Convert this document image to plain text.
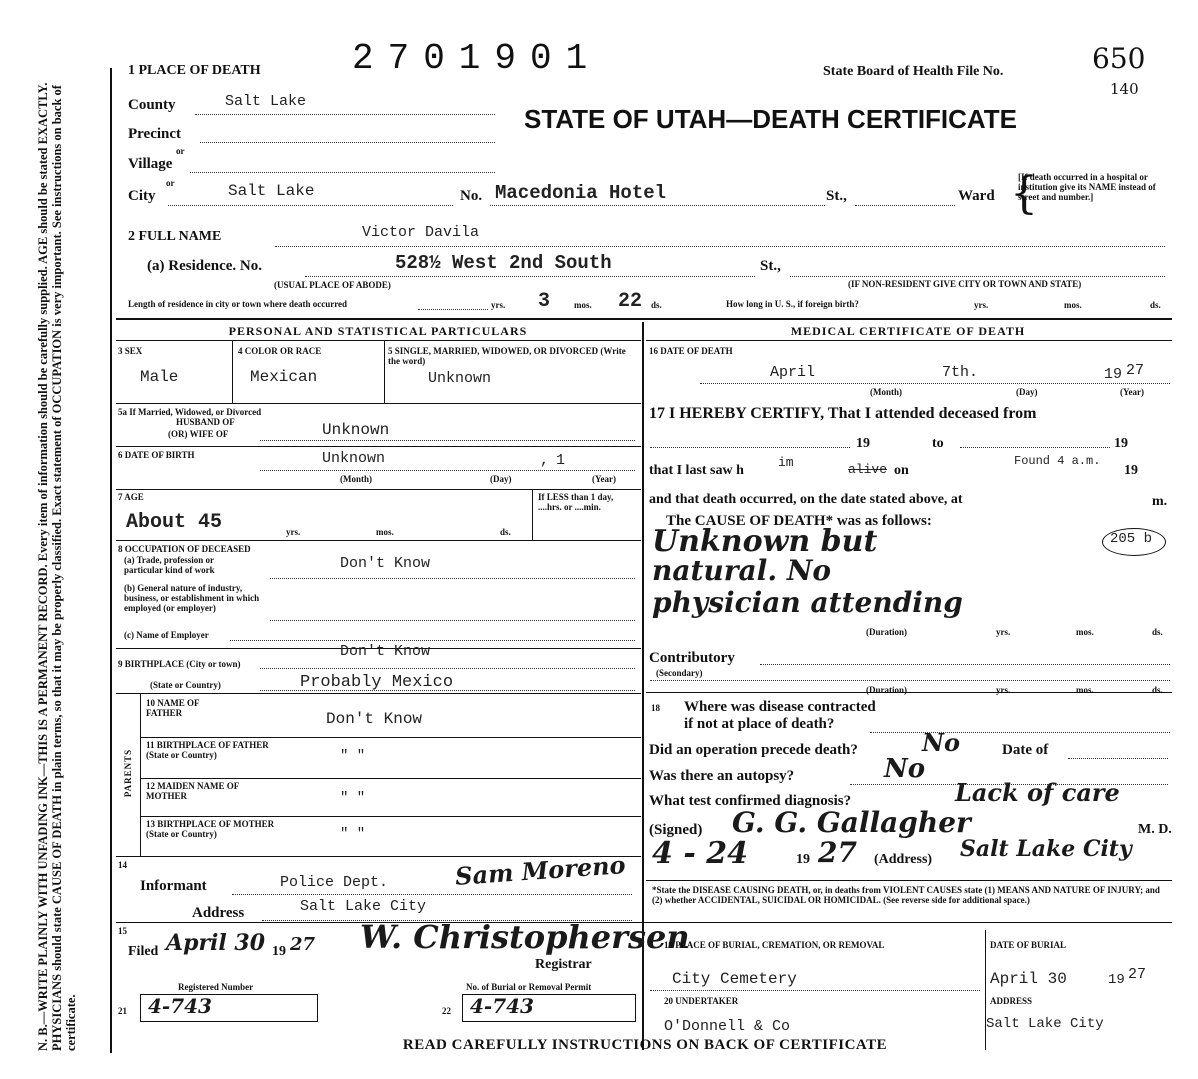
N. B.—WRITE PLAINLY WITH UNFADING INK—THIS IS A PERMANENT RECORD. Every item of information should be carefully supplied. AGE should be stated EXACTLY. PHYSICIANS should state CAUSE OF DEATH in plain terms, so that it may be properly classified. Exact statement of OCCUPATION is very important. See instructions on back of certificate.
1 PLACE OF DEATH	2701901	State Board of Health File No.	650
140
STATE OF UTAH—DEATH CERTIFICATE
County	Salt Lake
Precinct
or
Village
or
City	Salt Lake	No. Macedonia Hotel	St.,	Ward {
[If death occurred in a hospital or institution give its NAME instead of street and number.]
2 FULL NAME	Victor Davila
(a) Residence. No.	528½ West 2nd South	St.,
(USUAL PLACE OF ABODE)	(IF NON-RESIDENT GIVE CITY OR TOWN AND STATE)
Length of residence in city or town where death occurred	yrs. 3	mos. 22 ds.	How long in U. S., if foreign birth?	yrs.	mos.	ds.
PERSONAL AND STATISTICAL PARTICULARS
3 SEX
Male
4 COLOR OR RACE
Mexican
5 SINGLE, MARRIED, WIDOWED, OR DIVORCED (Write the word)
Unknown
5a If Married, Widowed, or Divorced
HUSBAND OF
(OR) WIFE OF	Unknown
6 DATE OF BIRTH	Unknown	, 1
(Month)	(Day)	(Year)
7 AGE
About 45	yrs.	mos.	ds.
If LESS than 1 day, ....hrs. or ....min.
8 OCCUPATION OF DECEASED
(a) Trade, profession or particular kind of work	Don't Know
(b) General nature of industry, business, or establishment in which employed (or employer)
(c) Name of Employer
9 BIRTHPLACE (City or town)
Don't Know
(State or Country)	Probably Mexico
PARENTS
10 NAME OF FATHER	Don't Know
11 BIRTHPLACE OF FATHER (State or Country)	" "
12 MAIDEN NAME OF MOTHER	" "
13 BIRTHPLACE OF MOTHER (State or Country)	" "
14
Informant	Police Dept.	Sam Moreno
Address	Salt Lake City
15
Filed April 30 19 27 W. Christophersen
Registrar
Registered Number
21 4-743
No. of Burial or Removal Permit
22 4-743
MEDICAL CERTIFICATE OF DEATH
16 DATE OF DEATH
April	7th.	19 27
(Month)	(Day)	(Year)
17 I HEREBY CERTIFY, That I attended deceased from
19	to	19
that I last saw h
im	alive on
Found 4 a.m.
19
and that death occurred, on the date stated above, at	m.
The CAUSE OF DEATH* was as follows:
Unknown but	205 b
natural. No
physician attending
(Duration)	yrs.	mos.	ds.
Contributory
(Secondary)
(Duration)	yrs.	mos.	ds.
18 Where was disease contracted
if not at place of death?
Did an operation precede death?	No	Date of
Was there an autopsy?	No
What test confirmed diagnosis?	Lack of care
(Signed) G. G. Gallagher	M. D.
4 - 24	19 27 (Address) Salt Lake City
*State the DISEASE CAUSING DEATH, or, in deaths from VIOLENT CAUSES state (1) MEANS AND NATURE OF INJURY; and (2) whether ACCIDENTAL, SUICIDAL OR HOMICIDAL. (See reverse side for additional space.)
19 PLACE OF BURIAL, CREMATION, OR REMOVAL
City Cemetery
DATE OF BURIAL
April 30	19 27
20 UNDERTAKER
O'Donnell & Co
ADDRESS
Salt Lake City
READ CAREFULLY INSTRUCTIONS ON BACK OF CERTIFICATE
